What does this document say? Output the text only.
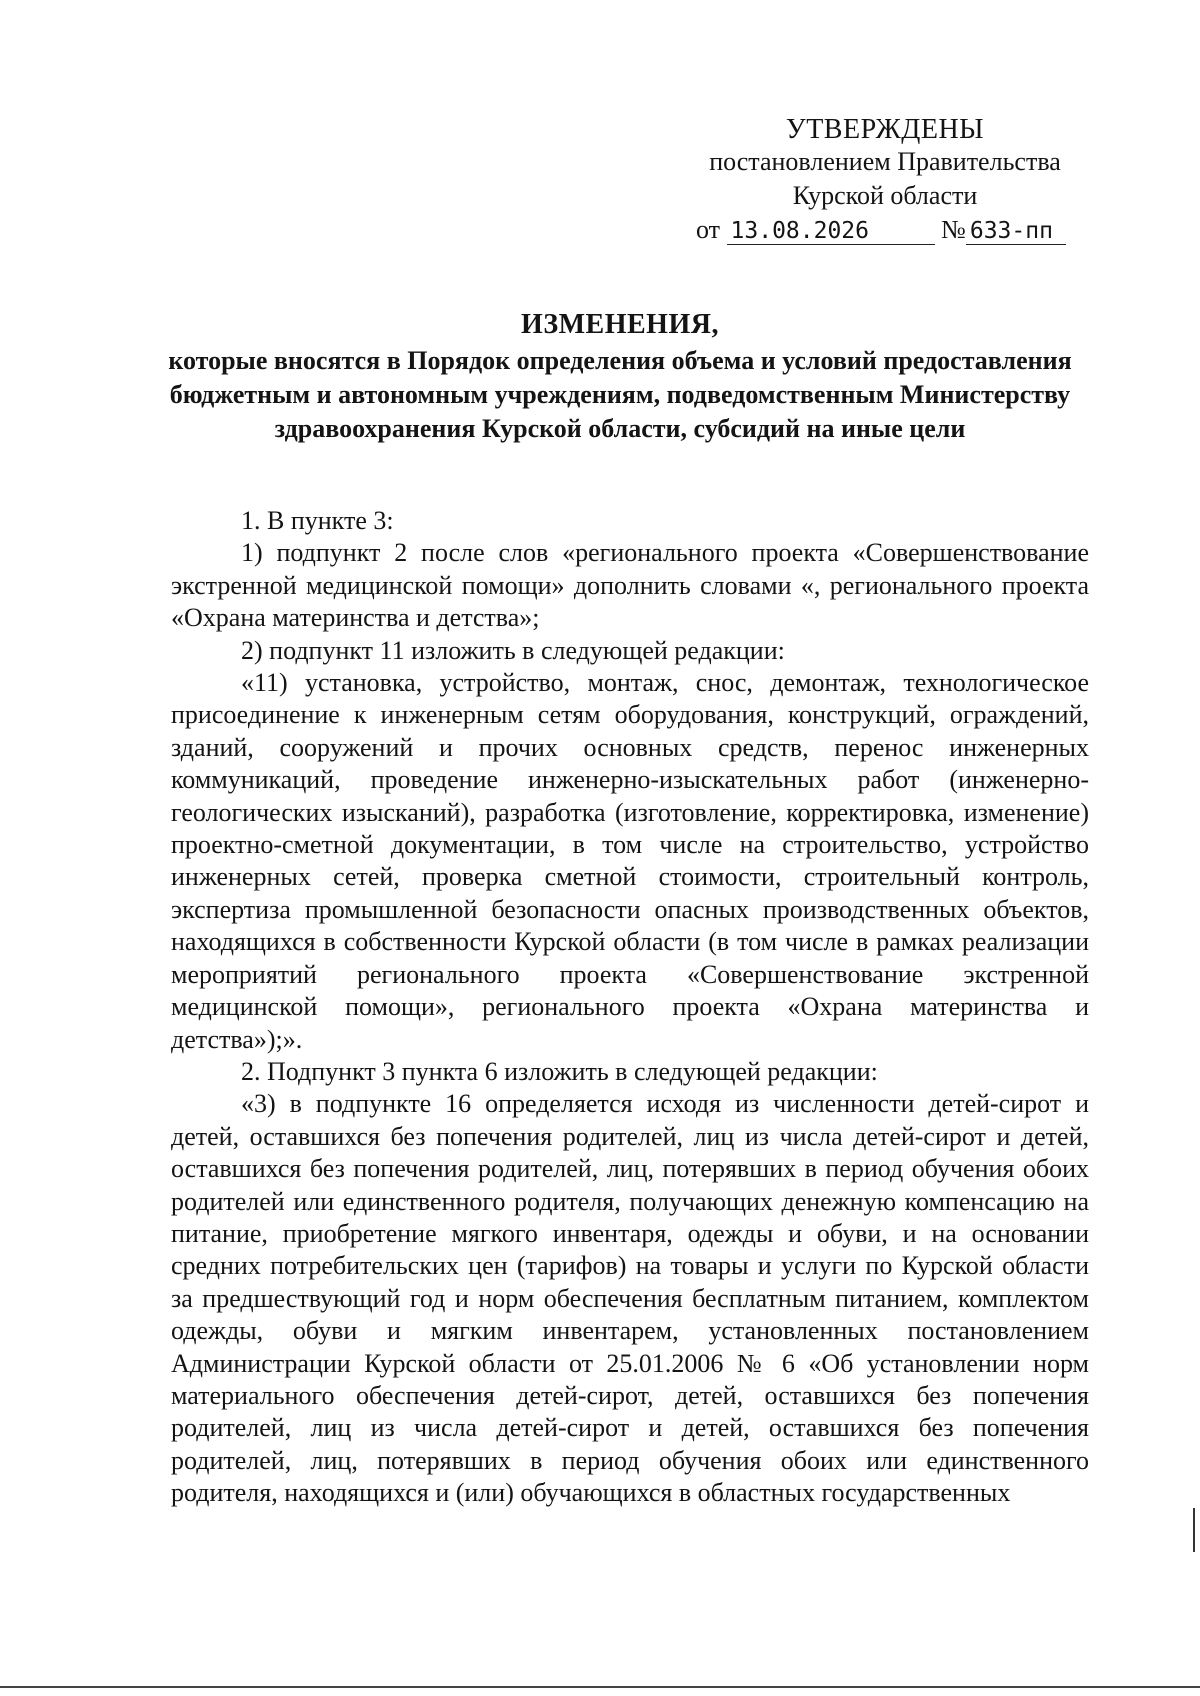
УТВЕРЖДЕНЫ
постановлением Правительства
Курской области
от 13.08.2026	№ 633-пп
ИЗМЕНЕНИЯ,
которые вносятся в Порядок определения объема и условий предоставления бюджетным и автономным учреждениям, подведомственным Министерству здравоохранения Курской области, субсидий на иные цели

1. В пункте 3:

1) подпункт 2 после слов «регионального проекта «Совершенствование экстренной медицинской помощи» дополнить словами «, регионального проекта «Охрана материнства и детства»;

2) подпункт 11 изложить в следующей редакции:

«11) установка, устройство, монтаж, снос, демонтаж, технологическое присоединение к инженерным сетям оборудования, конструкций, ограждений, зданий, сооружений и прочих основных средств, перенос инженерных коммуникаций, проведение инженерно-изыскательных работ (инженерно-геологических изысканий), разработка (изготовление, корректировка, изменение) проектно-сметной документации, в том числе на строительство, устройство инженерных сетей, проверка сметной стоимости, строительный контроль, экспертиза промышленной безопасности опасных производственных объектов, находящихся в собственности Курской области (в том числе в рамках реализации мероприятий регионального проекта «Совершенствование экстренной медицинской помощи», регионального проекта «Охрана материнства и детства»);».

2. Подпункт 3 пункта 6 изложить в следующей редакции:

«3) в подпункте 16 определяется исходя из численности детей-сирот и детей, оставшихся без попечения родителей, лиц из числа детей-сирот и детей, оставшихся без попечения родителей, лиц, потерявших в период обучения обоих родителей или единственного родителя, получающих денежную компенсацию на питание, приобретение мягкого инвентаря, одежды и обуви, и на основании средних потребительских цен (тарифов) на товары и услуги по Курской области за предшествующий год и норм обеспечения бесплатным питанием, комплектом одежды, обуви и мягким инвентарем, установленных постановлением Администрации Курской области от 25.01.2006 № 6 «Об установлении норм материального обеспечения детей-сирот, детей, оставшихся без попечения родителей, лиц из числа детей-сирот и детей, оставшихся без попечения родителей, лиц, потерявших в период обучения обоих или единственного родителя, находящихся и (или) обучающихся в областных государственных
